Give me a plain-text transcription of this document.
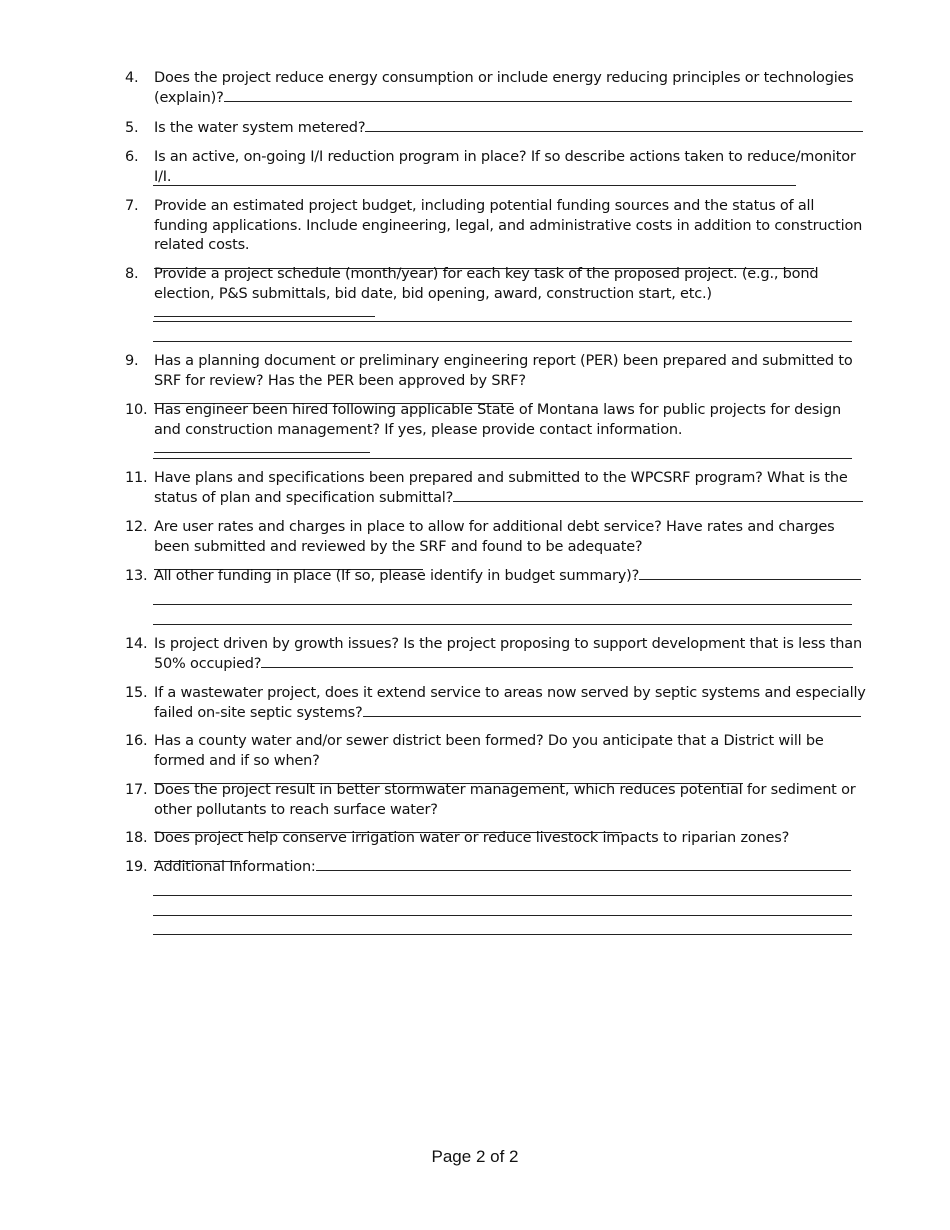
4.	Does the project reduce energy consumption or include energy reducing principles or technologies (explain)?
5.	Is the water system metered?
6.	Is an active, on-going I/I reduction program in place? If so describe actions taken to reduce/monitor I/I.
7.	Provide an estimated project budget, including potential funding sources and the status of all funding applications. Include engineering, legal, and administrative costs in addition to construction related costs.
8.	Provide a project schedule (month/year) for each key task of the proposed project. (e.g., bond election, P&S submittals, bid date, bid opening, award, construction start, etc.)
9.	Has a planning document or preliminary engineering report (PER) been prepared and submitted to SRF for review? Has the PER been approved by SRF?
10. Has engineer been hired following applicable State of Montana laws for public projects for design and construction management? If yes, please provide contact information.
11. Have plans and specifications been prepared and submitted to the WPCSRF program? What is the status of plan and specification submittal?
12. Are user rates and charges in place to allow for additional debt service? Have rates and charges been submitted and reviewed by the SRF and found to be adequate?
13. All other funding in place (If so, please identify in budget summary)?
14. Is project driven by growth issues? Is the project proposing to support development that is less than 50% occupied?
15. If a wastewater project, does it extend service to areas now served by septic systems and especially failed on-site septic systems?
16. Has a county water and/or sewer district been formed? Do you anticipate that a District will be formed and if so when?
17. Does the project result in better stormwater management, which reduces potential for sediment or other pollutants to reach surface water?
18. Does project help conserve irrigation water or reduce livestock impacts to riparian zones?
19. Additional Information:
Page 2 of 2
